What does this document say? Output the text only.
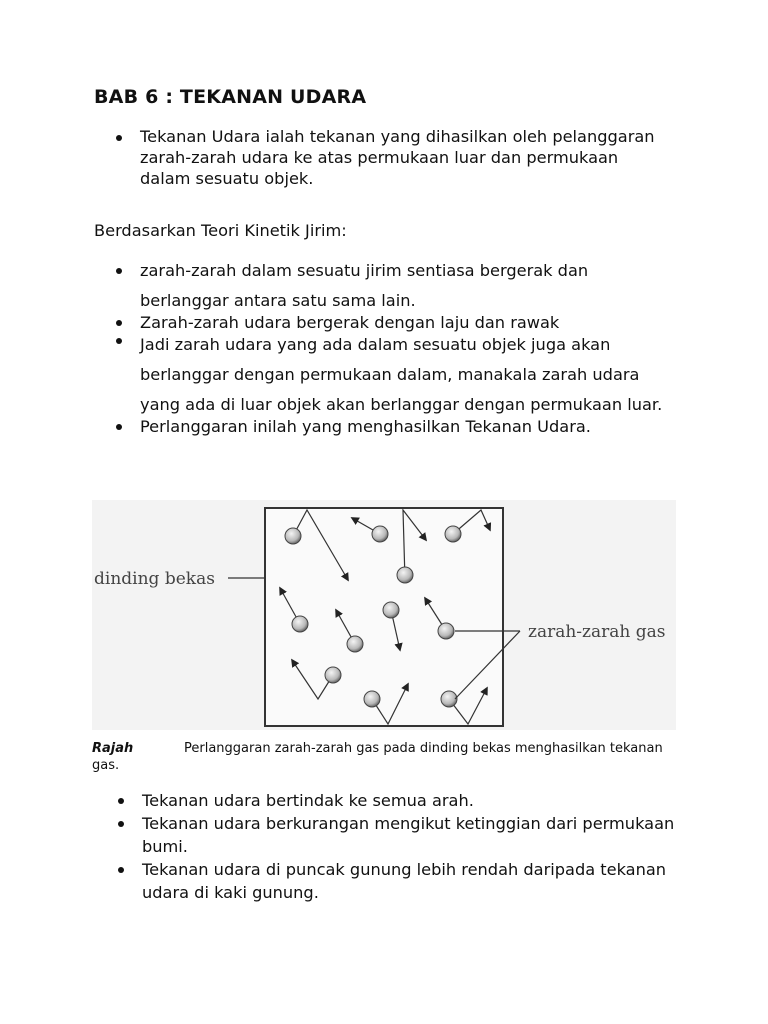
BAB 6 : TEKANAN UDARA
Tekanan Udara ialah tekanan yang dihasilkan oleh pelanggaran zarah-zarah udara ke atas permukaan luar dan permukaan dalam sesuatu objek.
Berdasarkan Teori Kinetik Jirim:
zarah-zarah dalam sesuatu jirim sentiasa bergerak dan berlanggar antara satu sama lain.
Zarah-zarah udara bergerak dengan laju dan rawak
Jadi zarah udara yang ada dalam sesuatu objek juga akan berlanggar dengan permukaan dalam, manakala zarah udara yang ada di luar objek akan berlanggar dengan permukaan luar.
Perlanggaran inilah yang menghasilkan Tekanan Udara.
dinding bekas
zarah-zarah gas
Rajah	Perlanggaran zarah-zarah gas pada dinding bekas menghasilkan tekanan gas.
Tekanan udara bertindak ke semua arah.
Tekanan udara berkurangan mengikut ketinggian dari permukaan bumi.
Tekanan udara di puncak gunung lebih rendah daripada tekanan udara di kaki gunung.
